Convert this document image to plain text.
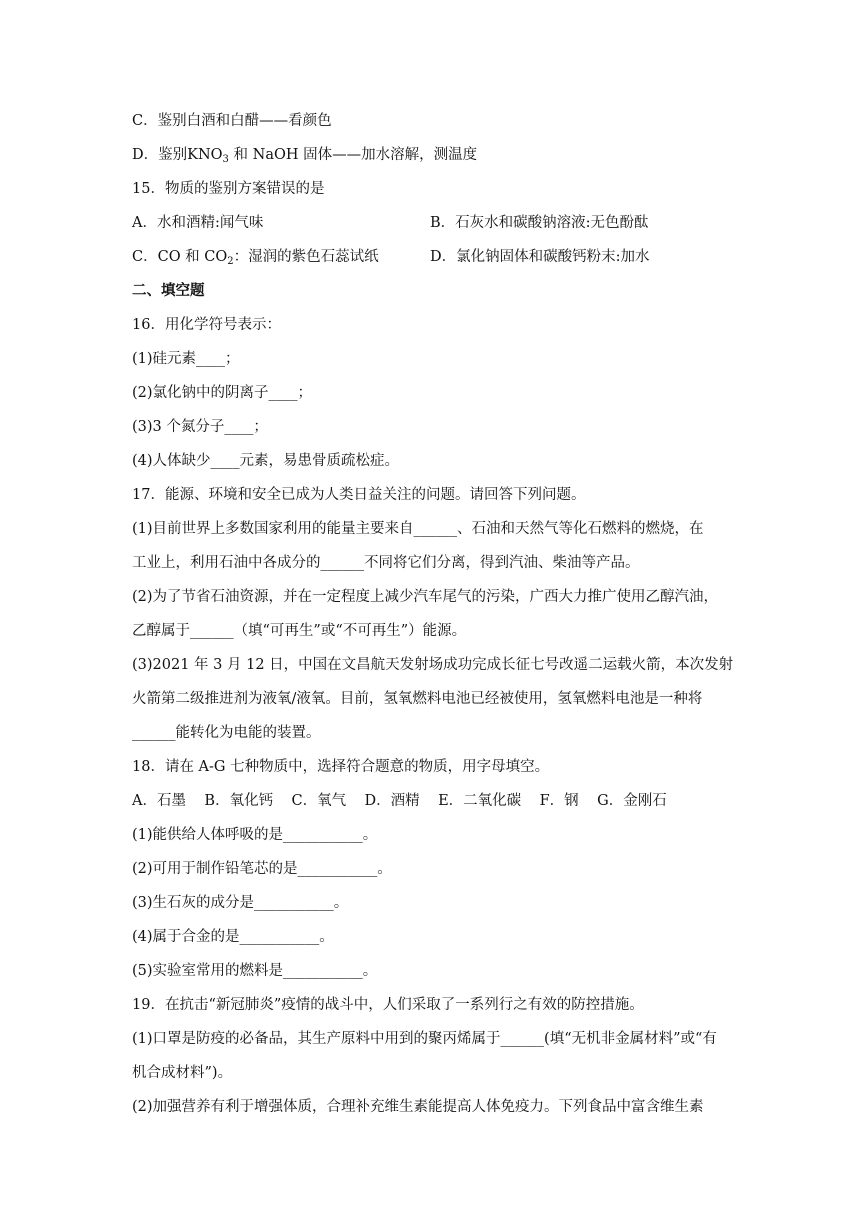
C．鉴别白酒和白醋——看颜色
D．鉴别$KNO_3$ 和 NaOH 固体——加水溶解，测温度
15．物质的鉴别方案错误的是
A．水和酒精:闻气味	B．石灰水和碳酸钠溶液:无色酚酞
C．CO 和 $CO_2$：湿润的紫色石蕊试纸	D．氯化钠固体和碳酸钙粉末:加水
二、填空题
16．用化学符号表示：
(1)硅元素____；
(2)氯化钠中的阴离子____；
(3)3 个氮分子____；
(4)人体缺少____元素，易患骨质疏松症。
17．能源、环境和安全已成为人类日益关注的问题。请回答下列问题。
(1)目前世界上多数国家利用的能量主要来自______、石油和天然气等化石燃料的燃烧，在
工业上，利用石油中各成分的______不同将它们分离，得到汽油、柴油等产品。
(2)为了节省石油资源，并在一定程度上减少汽车尾气的污染，广西大力推广使用乙醇汽油，
乙醇属于______（填“可再生”或“不可再生”）能源。
(3)2021 年 3 月 12 日，中国在文昌航天发射场成功完成长征七号改遥二运载火箭，本次发射
火箭第二级推进剂为液氧/液氧。目前，氢氧燃料电池已经被使用，氢氧燃料电池是一种将
______能转化为电能的装置。
18．请在 A-G 七种物质中，选择符合题意的物质，用字母填空。
A．石墨    B．氧化钙    C．氧气    D．酒精    E．二氧化碳    F．钢    G．金刚石
(1)能供给人体呼吸的是___________。
(2)可用于制作铅笔芯的是___________。
(3)生石灰的成分是___________。
(4)属于合金的是___________。
(5)实验室常用的燃料是___________。
19．在抗击“新冠肺炎”疫情的战斗中，人们采取了一系列行之有效的防控措施。
(1)口罩是防疫的必备品，其生产原料中用到的聚丙烯属于______(填“无机非金属材料”或“有
机合成材料”)。
(2)加强营养有利于增强体质，合理补充维生素能提高人体免疫力。下列食品中富含维生素
